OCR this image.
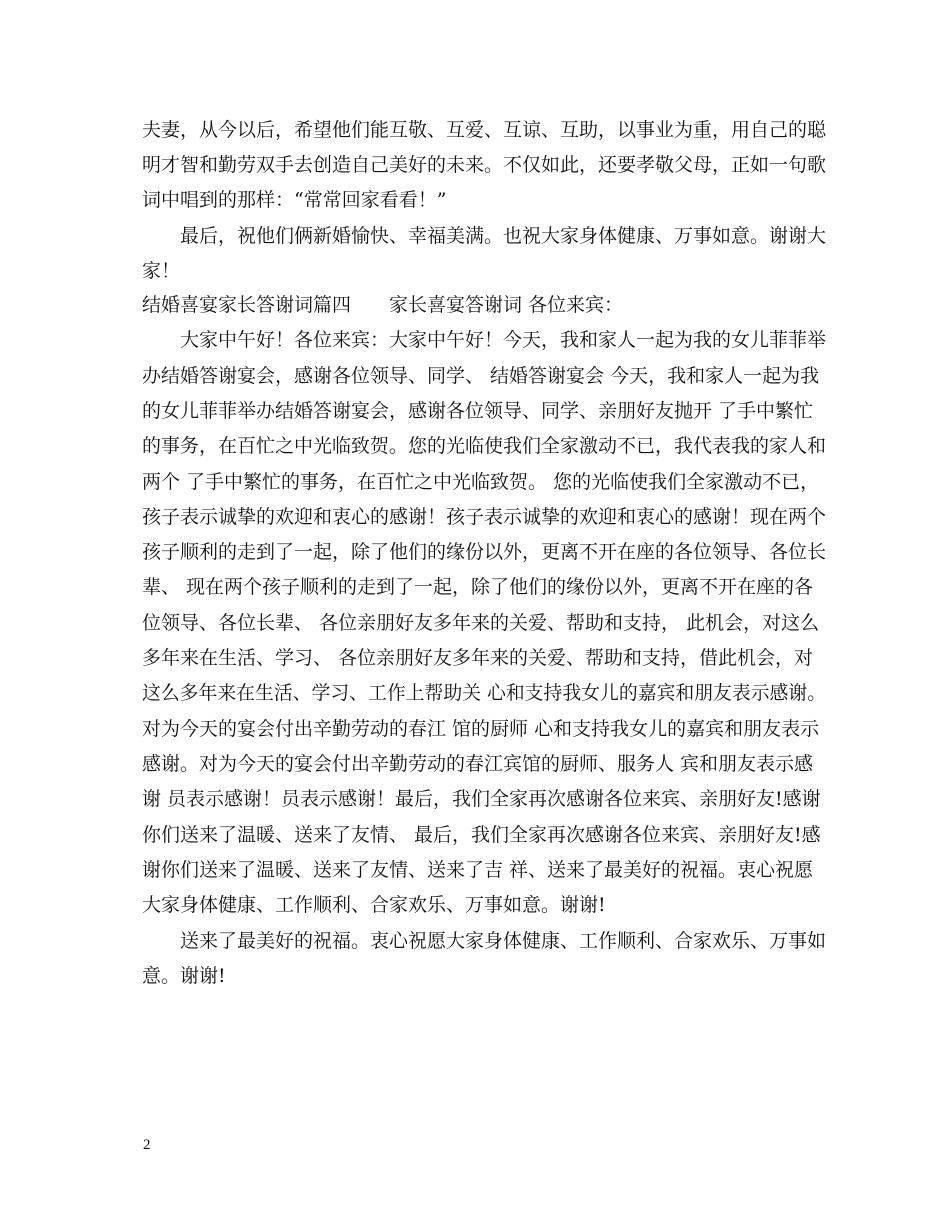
夫妻，从今以后，希望他们能互敬、互爱、互谅、互助，以事业为重，用自己的聪
明才智和勤劳双手去创造自己美好的未来。不仅如此，还要孝敬父母，正如一句歌
词中唱到的那样：“常常回家看看！”
　　最后，祝他们俩新婚愉快、幸福美满。也祝大家身体健康、万事如意。谢谢大
家！
结婚喜宴家长答谢词篇四　　家长喜宴答谢词 各位来宾：
　　大家中午好！各位来宾：大家中午好！今天，我和家人一起为我的女儿菲菲举
办结婚答谢宴会，感谢各位领导、同学、 结婚答谢宴会 今天，我和家人一起为我
的女儿菲菲举办结婚答谢宴会，感谢各位领导、同学、亲朋好友抛开 了手中繁忙
的事务，在百忙之中光临致贺。您的光临使我们全家激动不已，我代表我的家人和
两个 了手中繁忙的事务，在百忙之中光临致贺。 您的光临使我们全家激动不已，
孩子表示诚挚的欢迎和衷心的感谢！孩子表示诚挚的欢迎和衷心的感谢！现在两个
孩子顺利的走到了一起，除了他们的缘份以外，更离不开在座的各位领导、各位长
辈、 现在两个孩子顺利的走到了一起，除了他们的缘份以外，更离不开在座的各
位领导、各位长辈、 各位亲朋好友多年来的关爱、帮助和支持， 此机会，对这么
多年来在生活、学习、 各位亲朋好友多年来的关爱、帮助和支持，借此机会，对
这么多年来在生活、学习、工作上帮助关 心和支持我女儿的嘉宾和朋友表示感谢。
对为今天的宴会付出辛勤劳动的春江 馆的厨师 心和支持我女儿的嘉宾和朋友表示
感谢。对为今天的宴会付出辛勤劳动的春江宾馆的厨师、服务人 宾和朋友表示感
谢 员表示感谢！员表示感谢！最后，我们全家再次感谢各位来宾、亲朋好友!感谢
你们送来了温暖、送来了友情、 最后，我们全家再次感谢各位来宾、亲朋好友!感
谢你们送来了温暖、送来了友情、送来了吉 祥、送来了最美好的祝福。衷心祝愿
大家身体健康、工作顺利、合家欢乐、万事如意。谢谢!
　　送来了最美好的祝福。衷心祝愿大家身体健康、工作顺利、合家欢乐、万事如
意。谢谢!
2
